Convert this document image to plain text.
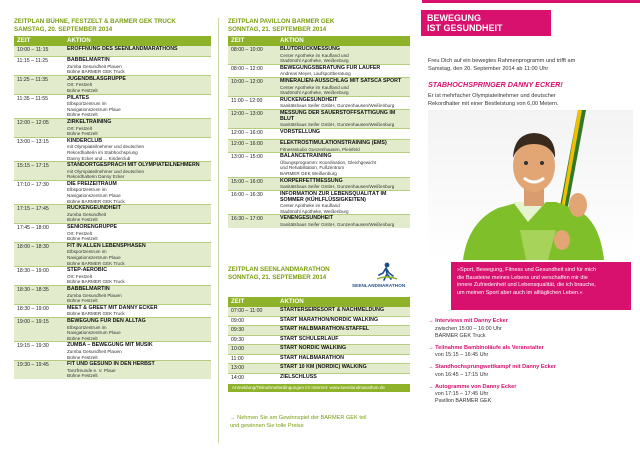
ZEITPLAN BÜHNE, FESTZELT & BARMER GEK TRUCK
SAMSTAG, 20. SEPTEMBER 2014
ZEIT	AKTION
10:00 – 11:15	ERÖFFNUNG DES SEENLANDMARATHONS

11:15 – 11:25	BABBELMARTIN
Zumba Gesundheit Plauen
Bühne BARMER GEK Truck

11:25 – 11:35	JUGENDBLASGRUPPE
Ort: Festzelt
Bühne Festzelt

11:35 – 11:55	PILATES
Elbsportzentrum im
Navigationszentrum Plaue
Bühne Festzelt

12:00 – 12:05	ZIRKELTRAINING
Ort: Festzelt
Bühne Festzelt

13:00 – 13:15	KINDERCLUB
mit Olympiateilnehmer und deutschen
Rekordhalterin im Stabhochsprung
Danny Ecker und ... Kinderclub

15:15 – 17:15	STANDORTGESPRÄCH MIT OLYMPIATEILNEHMERN
mit Olympiateilnehmer und deutschen
Rekordhalterin Danny Ecker

17:10 – 17:30	DIE FREIZEITRAUM
Elbsportzentrum im
Navigationszentrum Plaue
Bühne BARMER GEK Truck

17:15 – 17:45	RÜCKENGEUNDHEIT
Zumba Gesundheit
Bühne Festzelt

17:45 – 18:00	SENIORENGRUPPE
Ort: Festzelt
Bühne Festzelt

18:00 – 18:30	FIT IN ALLEN LEBENSPHASEN
Elbsportzentrum im
Navigationszentrum Plaue
Bühne BARMER GEK Truck

18:30 – 19:00	STEP-AEROBIC
Ort: Festzelt
Bühne BARMER GEK Truck

18:30 – 18:35	BABBELMARTIN
Zumba Gesundheit Plauen
Bühne Festzelt

18:30 – 19:00	MEET & GREET MIT DANNY ECKER
Bühne BARMER GEK Truck

19:00 – 19:15	BEWEGUNG FÜR DEN ALLTAG
Elbsportzentrum im
Navigationszentrum Plaue
Bühne Festzelt

19:15 – 19:30	ZUMBA – BEWEGUNG MIT MUSIK
Zumba Gesundheit Plauen
Bühne Festzelt

19:30 – 19:45	FIT UND GESUND IN DEN HERBST
Tanzfreunde e. V. Plaue
Bühne Festzelt
ZEITPLAN PAVILLON BARMER GEK
SONNTAG, 21. SEPTEMBER 2014
ZEIT	AKTION
08:00 – 10:00	BLUTDRUCKMESSUNG
Center Apotheke im Kaufland und
Stadtmühl Apotheke, Weißenburg

08:00 – 12:00	BEWEGUNGSBERATUNG FÜR LÄUFER
Andreas Meyer, Laufsportberatung

10:00 – 12:00	MINERALIEN-AUSSCHLAG MIT SATSCA SPORT
Center Apotheke im Kaufland und
Stadtmühl Apotheke, Weißenburg

11:00 – 12:00	RÜCKENGESUNDHEIT
Sanitätshaus Seifer GmbH, Gunzenhausen/Weißenburg

12:00 – 13:00	MESSUNG DER SAUERSTOFFSÄTTIGUNG IM BLUT
Sanitätshaus Seifer GmbH, Gunzenhausen/Weißenburg

12:00 – 16:00	VORSTELLUNG

12:00 – 16:00	ELEKTROSTIMULATIONSTRAINING (EMS)
Fitnessstudio Gunzenhausen, Pleinfeld

13:00 – 15:00	BALANCETRAINING
Übungsprogramm: Koordination, Gleichgewicht
und Rehabilitation, Fußzentrum
BARMER GEK Weißenburg

15:00 – 16:00	KÖRPERFETTMESSUNG
Sanitätshaus Seifer GmbH, Gunzenhausen/Weißenburg

16:00 – 16:30	INFORMATION ZUR LEBENSQUALITÄT IM SOMMER (KÜHLFLÜSSIGKEITEN)
Center Apotheke im Kaufland
Stadtmühl Apotheke, Weißenburg

16:30 – 17:00	VENENGESUNDHEIT
Sanitätshaus Seifer GmbH, Gunzenhausen/Weißenburg
ZEITPLAN SEENLANDMARATHON
SONNTAG, 21. SEPTEMBER 2014
SEENLANDMARATHON
ZEIT	AKTION
07:00 – 11:00	STARTERSEIRESORT & NACHMELDUNG

09:00	START MARATHON/NORDIC WALKING

09:30	START HALBMARATHON-STAFFEL

09:30	START SCHÜLERLAUF

10:00	START NORDIC WALKING

11:00	START HALBMARATHON

13:00	START 10 KM (NORDIC) WALKING

14:00	ZIELSCHLUSS
Anmeldung/Teilnahmebedingungen im Internet: www.seenlandmarathon.de
→ Nehmen Sie am Gewinnspiel der BARMER GEK teil
und gewinnen Sie tolle Preise
BEWEGUNG
IST GESUNDHEIT
Freu Dich auf ein bewegtes Rahmenprogramm und trifft am
Samstag, den 20. September 2014 ab 11:00 Uhr
STABHOCHSPRINGER DANNY ECKER!
Er ist mehrfacher Olympiateilnehmer und deutscher
Rekordhalter mit einer Bestleistung von 6,00 Metern.
»Sport, Bewegung, Fitness und Gesundheit sind für mich
die Bausteine meines Lebens und verschaffen mir die
innere Zufriedenheit und Lebensqualität, die ich brauche,
um meinen Sport aber auch im alltäglichen Leben.«
→ Interviews mit Danny Ecker
zwischen 15:00 – 16:00 Uhr
BARMER GEK Truck
→ Teilnahme Bambinoläufe als Veranstalter
von 15:15 – 16:45 Uhr
→ Standhochsprungwettkampf mit Danny Ecker
von 16:45 – 17:15 Uhr
→ Autogramme von Danny Ecker
von 17:15 – 17:45 Uhr
Pavillon BARMER GEK
